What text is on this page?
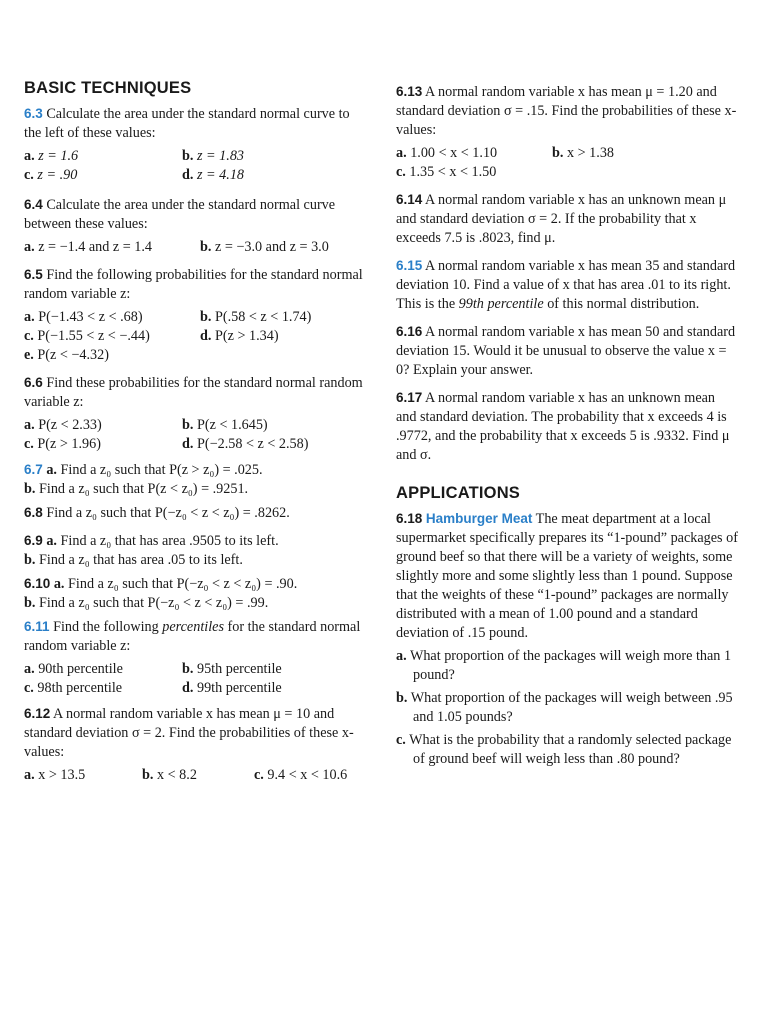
BASIC TECHNIQUES
6.3 Calculate the area under the standard normal curve to the left of these values:
a. z = 1.6	b. z = 1.83
c. z = .90	d. z = 4.18
6.4 Calculate the area under the standard normal curve between these values:
a. z = −1.4 and z = 1.4	b. z = −3.0 and z = 3.0
6.5 Find the following probabilities for the standard normal random variable z:
a. P(−1.43 < z < .68)	b. P(.58 < z < 1.74)
c. P(−1.55 < z < −.44)	d. P(z > 1.34)
e. P(z < −4.32)
6.6 Find these probabilities for the standard normal random variable z:
a. P(z < 2.33)	b. P(z < 1.645)
c. P(z > 1.96)	d. P(−2.58 < z < 2.58)
6.7 a. Find a z₀ such that P(z > z₀) = .025.
b. Find a z₀ such that P(z < z₀) = .9251.
6.8 Find a z₀ such that P(−z₀ < z < z₀) = .8262.
6.9 a. Find a z₀ that has area .9505 to its left.
b. Find a z₀ that has area .05 to its left.
6.10 a. Find a z₀ such that P(−z₀ < z < z₀) = .90.
b. Find a z₀ such that P(−z₀ < z < z₀) = .99.
6.11 Find the following percentiles for the standard normal random variable z:
a. 90th percentile	b. 95th percentile
c. 98th percentile	d. 99th percentile
6.12 A normal random variable x has mean μ = 10 and standard deviation σ = 2. Find the probabilities of these x-values:
a. x > 13.5	b. x < 8.2	c. 9.4 < x < 10.6
6.13 A normal random variable x has mean μ = 1.20 and standard deviation σ = .15. Find the probabilities of these x-values:
a. 1.00 < x < 1.10	b. x > 1.38
c. 1.35 < x < 1.50
6.14 A normal random variable x has an unknown mean μ and standard deviation σ = 2. If the probability that x exceeds 7.5 is .8023, find μ.
6.15 A normal random variable x has mean 35 and standard deviation 10. Find a value of x that has area .01 to its right. This is the 99th percentile of this normal distribution.
6.16 A normal random variable x has mean 50 and standard deviation 15. Would it be unusual to observe the value x = 0? Explain your answer.
6.17 A normal random variable x has an unknown mean and standard deviation. The probability that x exceeds 4 is .9772, and the probability that x exceeds 5 is .9332. Find μ and σ.
APPLICATIONS
6.18 Hamburger Meat The meat department at a local supermarket specifically prepares its “1-pound” packages of ground beef so that there will be a variety of weights, some slightly more and some slightly less than 1 pound. Suppose that the weights of these “1-pound” packages are normally distributed with a mean of 1.00 pound and a standard deviation of .15 pound.
a. What proportion of the packages will weigh more than 1 pound?
b. What proportion of the packages will weigh between .95 and 1.05 pounds?
c. What is the probability that a randomly selected package of ground beef will weigh less than .80 pound?
